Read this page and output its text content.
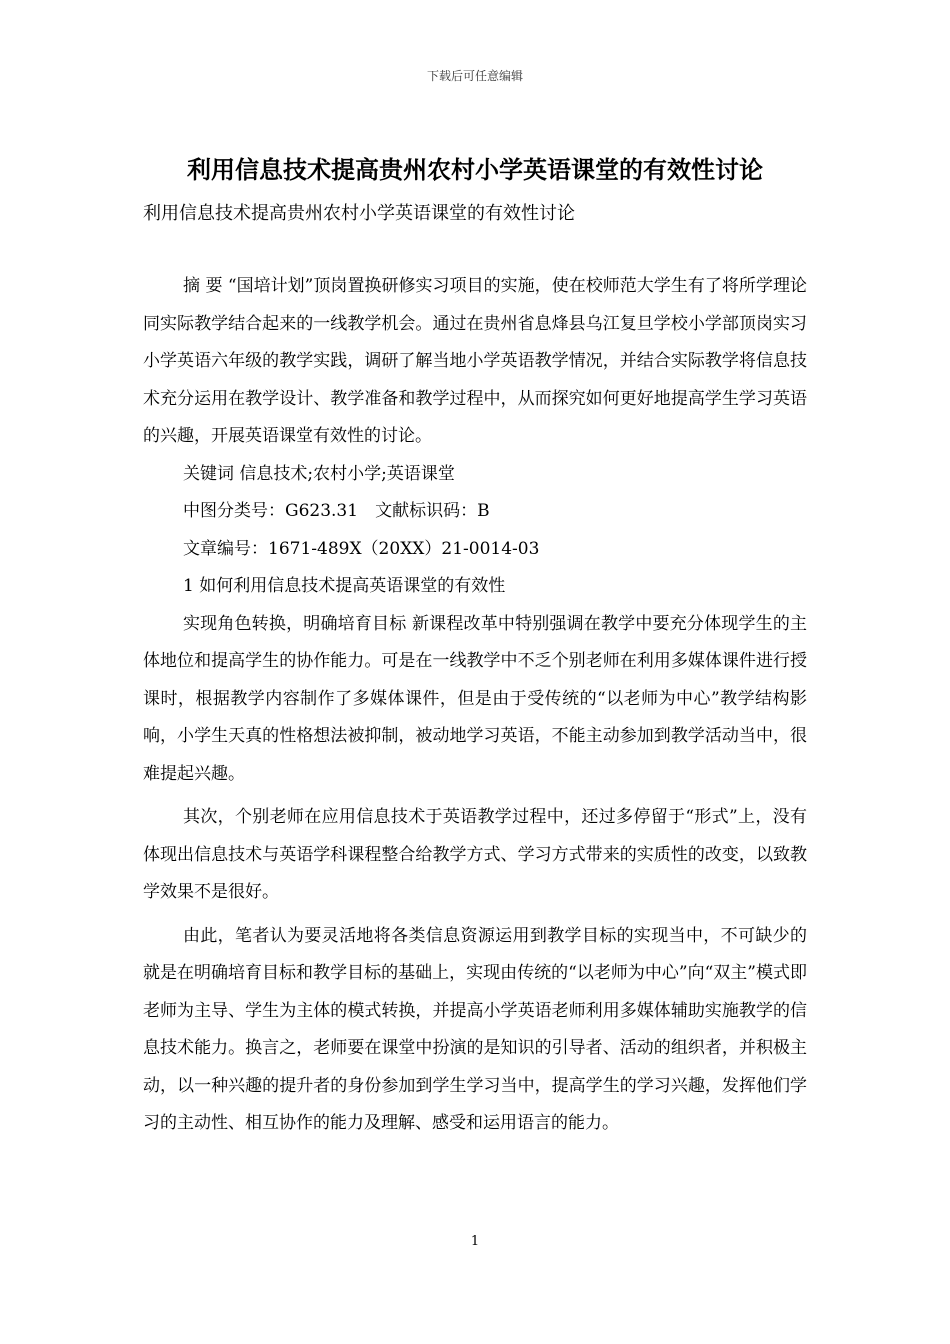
下载后可任意编辑
利用信息技术提高贵州农村小学英语课堂的有效性讨论
利用信息技术提高贵州农村小学英语课堂的有效性讨论

摘 要 “国培计划”顶岗置换研修实习项目的实施，使在校师范大学生有了将所学理论同实际教学结合起来的一线教学机会。通过在贵州省息烽县乌江复旦学校小学部顶岗实习小学英语六年级的教学实践，调研了解当地小学英语教学情况，并结合实际教学将信息技术充分运用在教学设计、教学准备和教学过程中，从而探究如何更好地提高学生学习英语的兴趣，开展英语课堂有效性的讨论。

关键词 信息技术;农村小学;英语课堂

中图分类号：G623.31　文献标识码：B

文章编号：1671-489X（20XX）21-0014-03

1 如何利用信息技术提高英语课堂的有效性

实现角色转换，明确培育目标 新课程改革中特别强调在教学中要充分体现学生的主体地位和提高学生的协作能力。可是在一线教学中不乏个别老师在利用多媒体课件进行授课时，根据教学内容制作了多媒体课件，但是由于受传统的“以老师为中心”教学结构影响，小学生天真的性格想法被抑制，被动地学习英语，不能主动参加到教学活动当中，很难提起兴趣。

其次，个别老师在应用信息技术于英语教学过程中，还过多停留于“形式”上，没有体现出信息技术与英语学科课程整合给教学方式、学习方式带来的实质性的改变，以致教学效果不是很好。

由此，笔者认为要灵活地将各类信息资源运用到教学目标的实现当中，不可缺少的就是在明确培育目标和教学目标的基础上，实现由传统的“以老师为中心”向“双主”模式即老师为主导、学生为主体的模式转换，并提高小学英语老师利用多媒体辅助实施教学的信息技术能力。换言之，老师要在课堂中扮演的是知识的引导者、活动的组织者，并积极主动，以一种兴趣的提升者的身份参加到学生学习当中，提高学生的学习兴趣，发挥他们学习的主动性、相互协作的能力及理解、感受和运用语言的能力。

1
